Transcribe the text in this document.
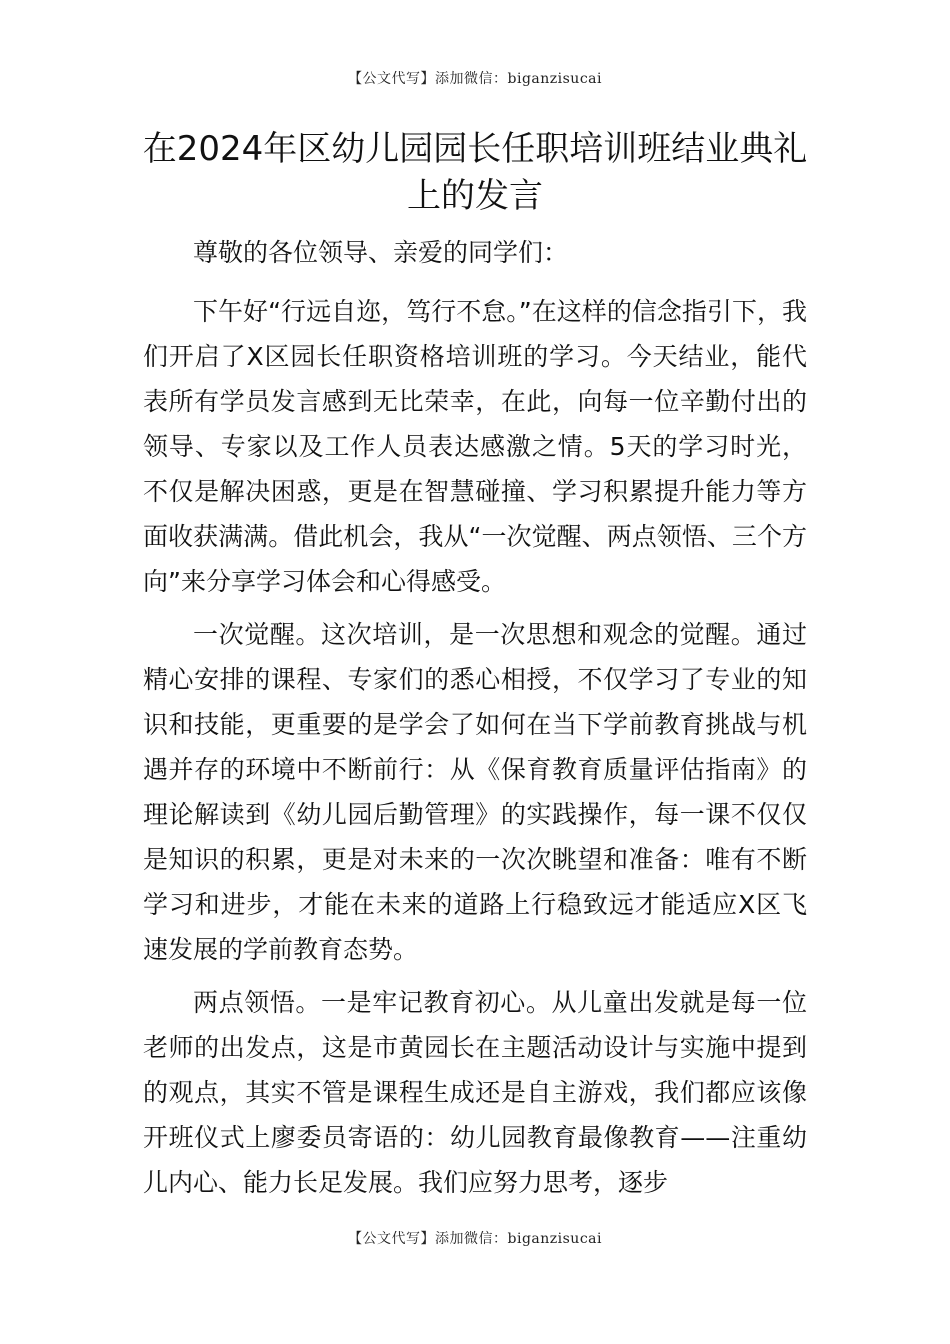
【公文代写】添加微信：biganzisucai
在2024年区幼儿园园长任职培训班结业典礼上的发言

尊敬的各位领导、亲爱的同学们：

下午好“行远自迩，笃行不怠。”在这样的信念指引下，我们开启了X区园长任职资格培训班的学习。今天结业，能代表所有学员发言感到无比荣幸，在此，向每一位辛勤付出的领导、专家以及工作人员表达感激之情。5天的学习时光，不仅是解决困惑，更是在智慧碰撞、学习积累提升能力等方面收获满满。借此机会，我从“一次觉醒、两点领悟、三个方向”来分享学习体会和心得感受。

一次觉醒。这次培训，是一次思想和观念的觉醒。通过精心安排的课程、专家们的悉心相授，不仅学习了专业的知识和技能，更重要的是学会了如何在当下学前教育挑战与机遇并存的环境中不断前行：从《保育教育质量评估指南》的理论解读到《幼儿园后勤管理》的实践操作，每一课不仅仅是知识的积累，更是对未来的一次次眺望和准备：唯有不断学习和进步，才能在未来的道路上行稳致远才能适应X区飞速发展的学前教育态势。

两点领悟。一是牢记教育初心。从儿童出发就是每一位老师的出发点，这是市黄园长在主题活动设计与实施中提到的观点，其实不管是课程生成还是自主游戏，我们都应该像开班仪式上廖委员寄语的：幼儿园教育最像教育——注重幼儿内心、能力长足发展。我们应努力思考，逐步

【公文代写】添加微信：biganzisucai
